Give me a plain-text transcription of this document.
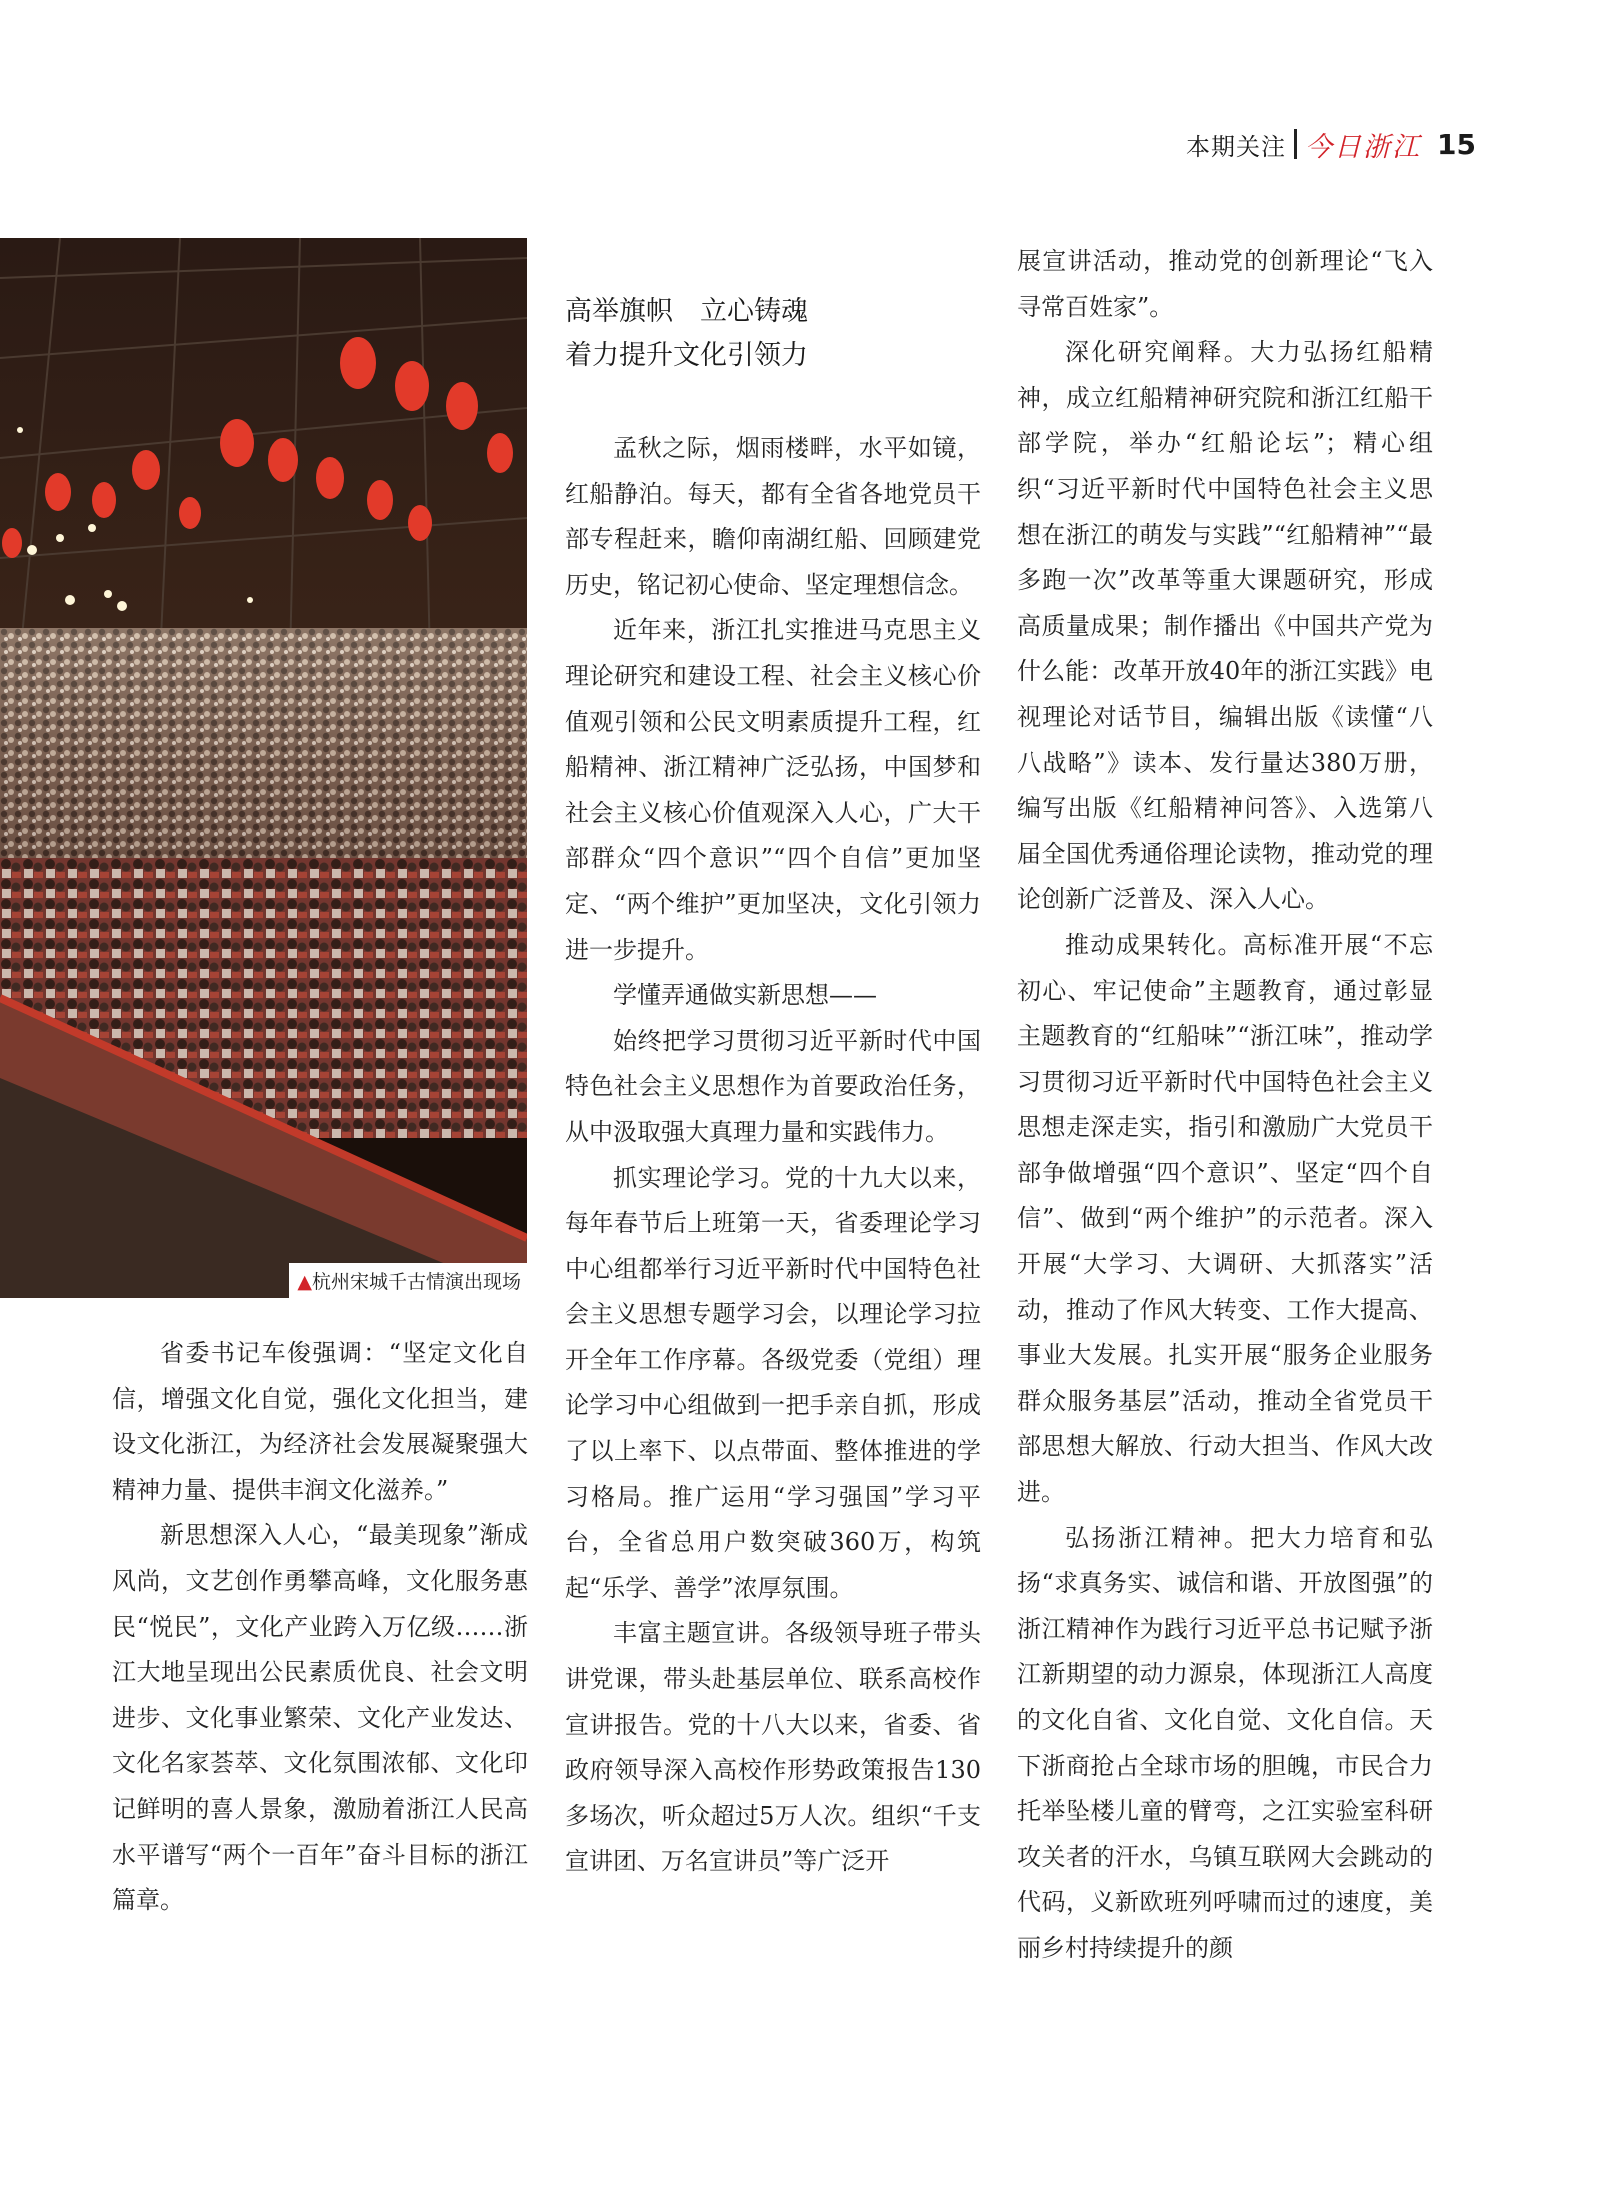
本期关注 今日浙江 15
▲杭州宋城千古情演出现场
高举旗帜　立心铸魂
着力提升文化引领力

省委书记车俊强调：“坚定文化自信，增强文化自觉，强化文化担当，建设文化浙江，为经济社会发展凝聚强大精神力量、提供丰润文化滋养。”

新思想深入人心，“最美现象”渐成风尚，文艺创作勇攀高峰，文化服务惠民“悦民”，文化产业跨入万亿级……浙江大地呈现出公民素质优良、社会文明进步、文化事业繁荣、文化产业发达、文化名家荟萃、文化氛围浓郁、文化印记鲜明的喜人景象，激励着浙江人民高水平谱写“两个一百年”奋斗目标的浙江篇章。

孟秋之际，烟雨楼畔，水平如镜，红船静泊。每天，都有全省各地党员干部专程赶来，瞻仰南湖红船、回顾建党历史，铭记初心使命、坚定理想信念。

近年来，浙江扎实推进马克思主义理论研究和建设工程、社会主义核心价值观引领和公民文明素质提升工程，红船精神、浙江精神广泛弘扬，中国梦和社会主义核心价值观深入人心，广大干部群众“四个意识”“四个自信”更加坚定、“两个维护”更加坚决，文化引领力进一步提升。

学懂弄通做实新思想——

始终把学习贯彻习近平新时代中国特色社会主义思想作为首要政治任务，从中汲取强大真理力量和实践伟力。

抓实理论学习。党的十九大以来，每年春节后上班第一天，省委理论学习中心组都举行习近平新时代中国特色社会主义思想专题学习会，以理论学习拉开全年工作序幕。各级党委（党组）理论学习中心组做到一把手亲自抓，形成了以上率下、以点带面、整体推进的学习格局。推广运用“学习强国”学习平台，全省总用户数突破360万，构筑起“乐学、善学”浓厚氛围。

丰富主题宣讲。各级领导班子带头讲党课，带头赴基层单位、联系高校作宣讲报告。党的十八大以来，省委、省政府领导深入高校作形势政策报告130多场次，听众超过5万人次。组织“千支宣讲团、万名宣讲员”等广泛开

展宣讲活动，推动党的创新理论“飞入寻常百姓家”。

深化研究阐释。大力弘扬红船精神，成立红船精神研究院和浙江红船干部学院，举办“红船论坛”；精心组织“习近平新时代中国特色社会主义思想在浙江的萌发与实践”“红船精神”“最多跑一次”改革等重大课题研究，形成高质量成果；制作播出《中国共产党为什么能：改革开放40年的浙江实践》电视理论对话节目，编辑出版《读懂“八八战略”》读本、发行量达380万册，编写出版《红船精神问答》、入选第八届全国优秀通俗理论读物，推动党的理论创新广泛普及、深入人心。

推动成果转化。高标准开展“不忘初心、牢记使命”主题教育，通过彰显主题教育的“红船味”“浙江味”，推动学习贯彻习近平新时代中国特色社会主义思想走深走实，指引和激励广大党员干部争做增强“四个意识”、坚定“四个自信”、做到“两个维护”的示范者。深入开展“大学习、大调研、大抓落实”活动，推动了作风大转变、工作大提高、事业大发展。扎实开展“服务企业服务群众服务基层”活动，推动全省党员干部思想大解放、行动大担当、作风大改进。

弘扬浙江精神。把大力培育和弘扬“求真务实、诚信和谐、开放图强”的浙江精神作为践行习近平总书记赋予浙江新期望的动力源泉，体现浙江人高度的文化自省、文化自觉、文化自信。天下浙商抢占全球市场的胆魄，市民合力托举坠楼儿童的臂弯，之江实验室科研攻关者的汗水，乌镇互联网大会跳动的代码，义新欧班列呼啸而过的速度，美丽乡村持续提升的颜
